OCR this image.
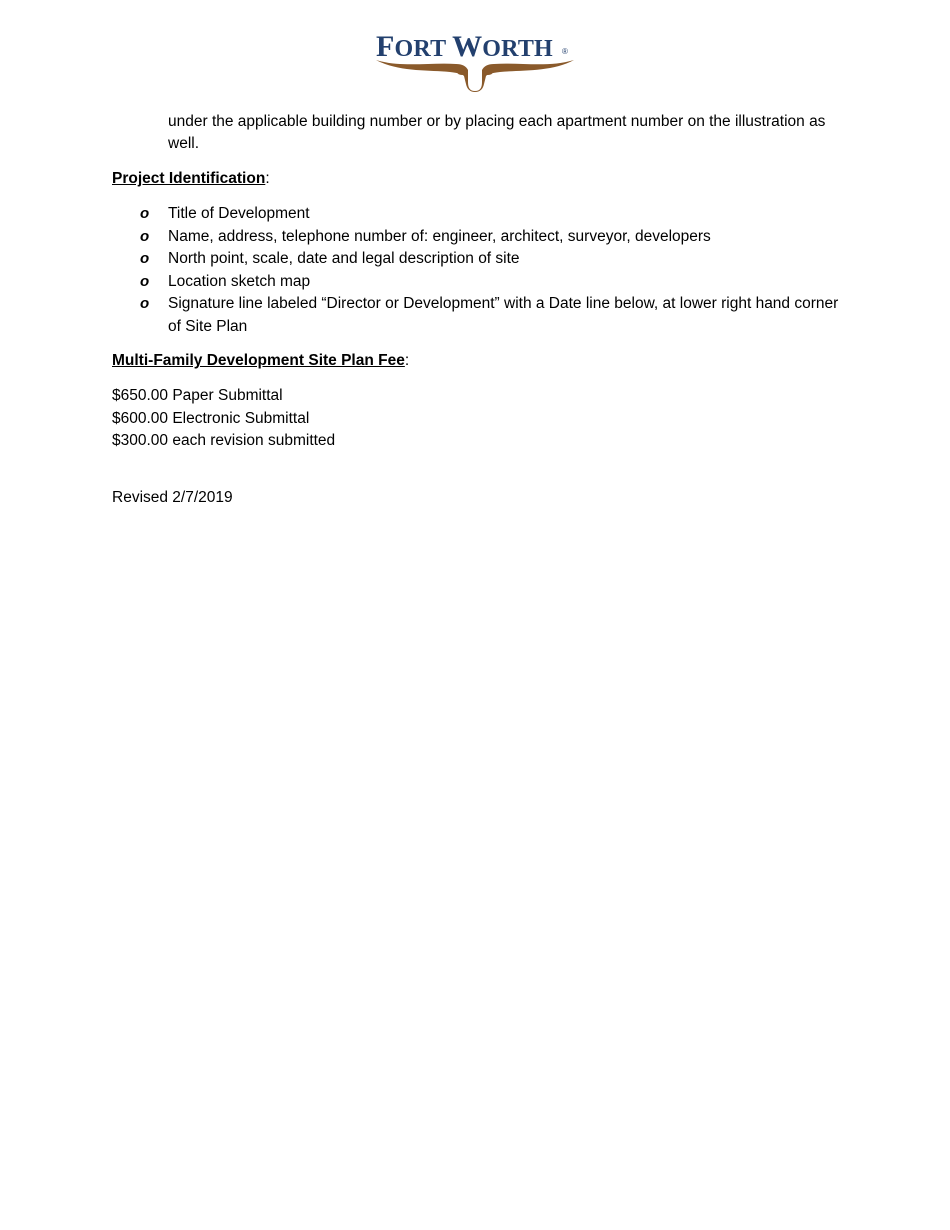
FORT WORTH	®
under the applicable building number or by placing each apartment number on the illustration as well.
Project Identification:
o Title of Development
o Name, address, telephone number of: engineer, architect, surveyor, developers
o North point, scale, date and legal description of site
o Location sketch map
o Signature line labeled “Director or Development” with a Date line below, at lower right hand corner of Site Plan
Multi-Family Development Site Plan Fee:
$650.00 Paper Submittal
$600.00 Electronic Submittal
$300.00 each revision submitted
Revised 2/7/2019
